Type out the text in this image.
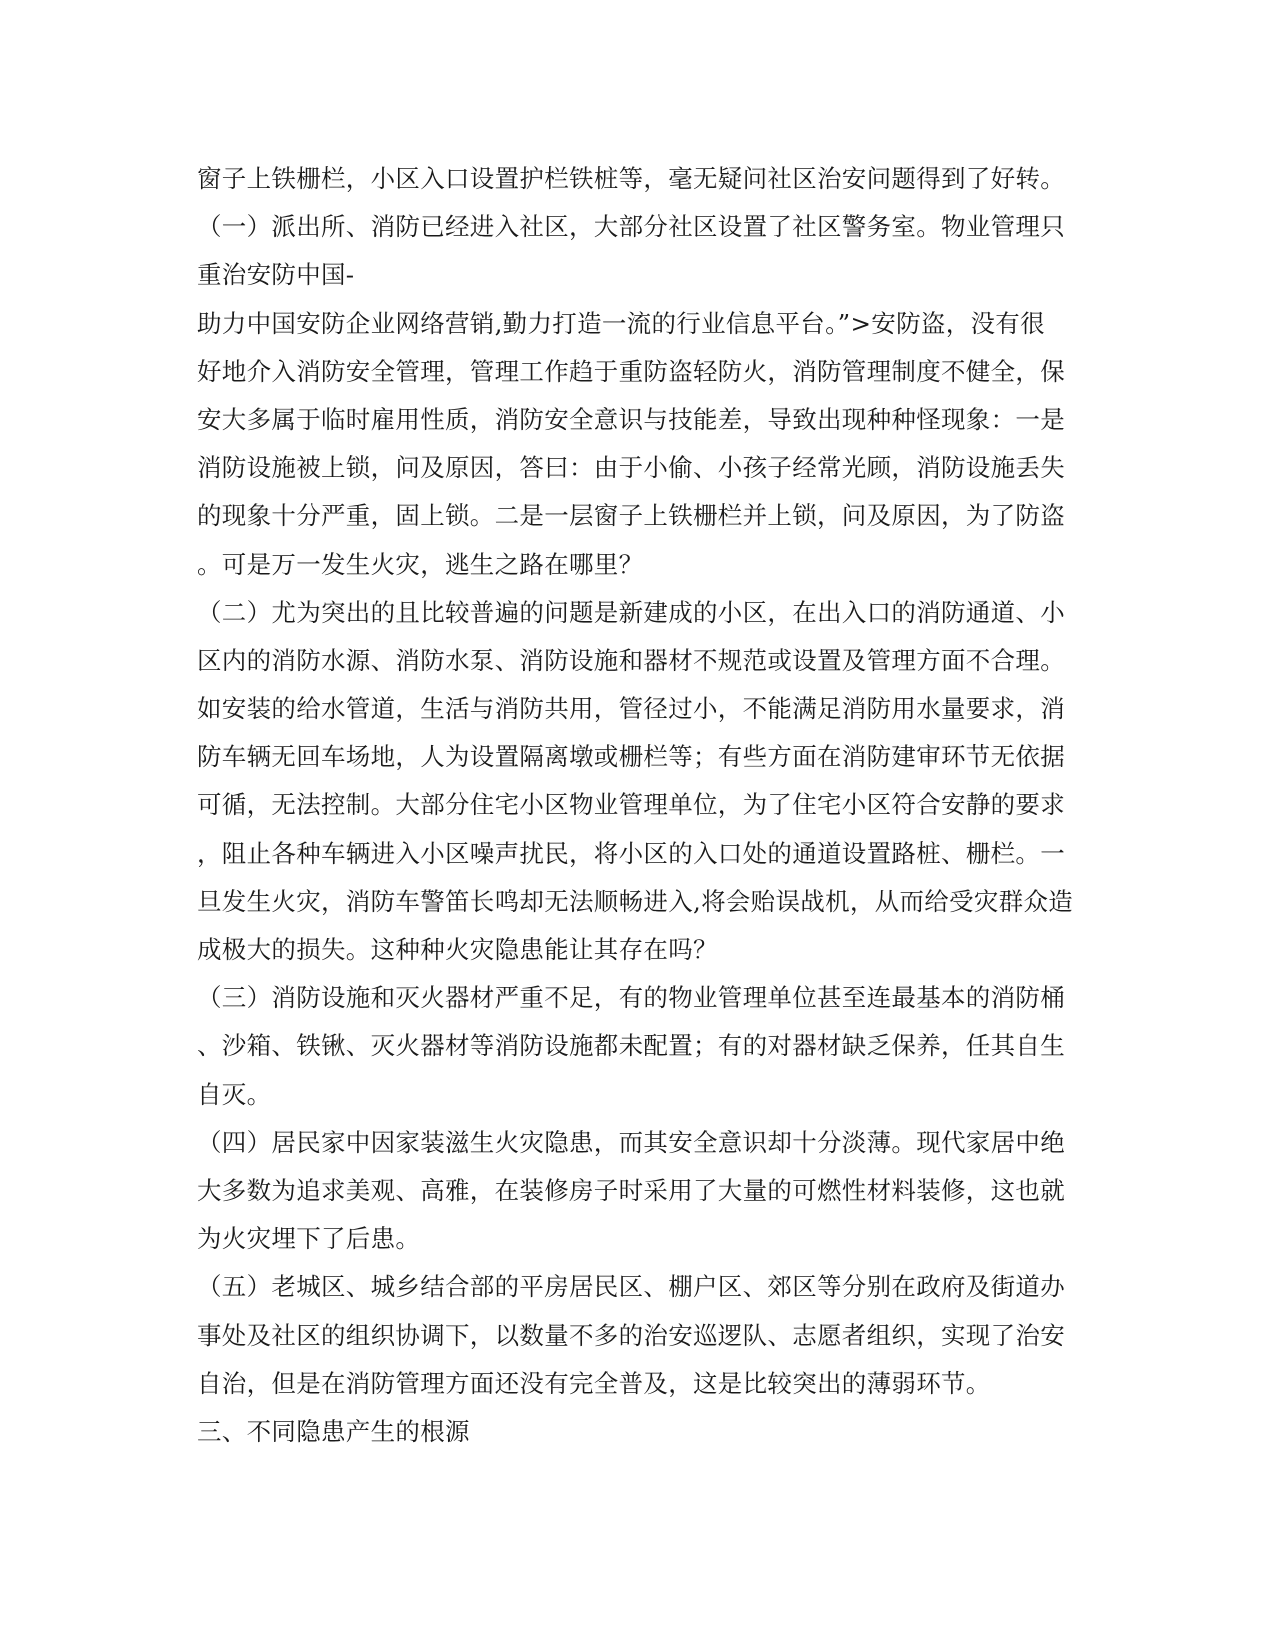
窗子上铁栅栏，小区入口设置护栏铁桩等，毫无疑问社区治安问题得到了好转。
（一）派出所、消防已经进入社区，大部分社区设置了社区警务室。物业管理只
重治安防中国-
助力中国安防企业网络营销,勤力打造一流的行业信息平台。”>安防盗，没有很
好地介入消防安全管理，管理工作趋于重防盗轻防火，消防管理制度不健全，保
安大多属于临时雇用性质，消防安全意识与技能差，导致出现种种怪现象：一是
消防设施被上锁，问及原因，答曰：由于小偷、小孩子经常光顾，消防设施丢失
的现象十分严重，固上锁。二是一层窗子上铁栅栏并上锁，问及原因，为了防盗
。可是万一发生火灾，逃生之路在哪里？
（二）尤为突出的且比较普遍的问题是新建成的小区，在出入口的消防通道、小
区内的消防水源、消防水泵、消防设施和器材不规范或设置及管理方面不合理。
如安装的给水管道，生活与消防共用，管径过小，不能满足消防用水量要求，消
防车辆无回车场地，人为设置隔离墩或栅栏等；有些方面在消防建审环节无依据
可循，无法控制。大部分住宅小区物业管理单位，为了住宅小区符合安静的要求
，阻止各种车辆进入小区噪声扰民，将小区的入口处的通道设置路桩、栅栏。一
旦发生火灾，消防车警笛长鸣却无法顺畅进入,将会贻误战机，从而给受灾群众造
成极大的损失。这种种火灾隐患能让其存在吗？
（三）消防设施和灭火器材严重不足，有的物业管理单位甚至连最基本的消防桶
、沙箱、铁锹、灭火器材等消防设施都未配置；有的对器材缺乏保养，任其自生
自灭。
（四）居民家中因家装滋生火灾隐患，而其安全意识却十分淡薄。现代家居中绝
大多数为追求美观、高雅，在装修房子时采用了大量的可燃性材料装修，这也就
为火灾埋下了后患。
（五）老城区、城乡结合部的平房居民区、棚户区、郊区等分别在政府及街道办
事处及社区的组织协调下，以数量不多的治安巡逻队、志愿者组织，实现了治安
自治，但是在消防管理方面还没有完全普及，这是比较突出的薄弱环节。
三、不同隐患产生的根源
